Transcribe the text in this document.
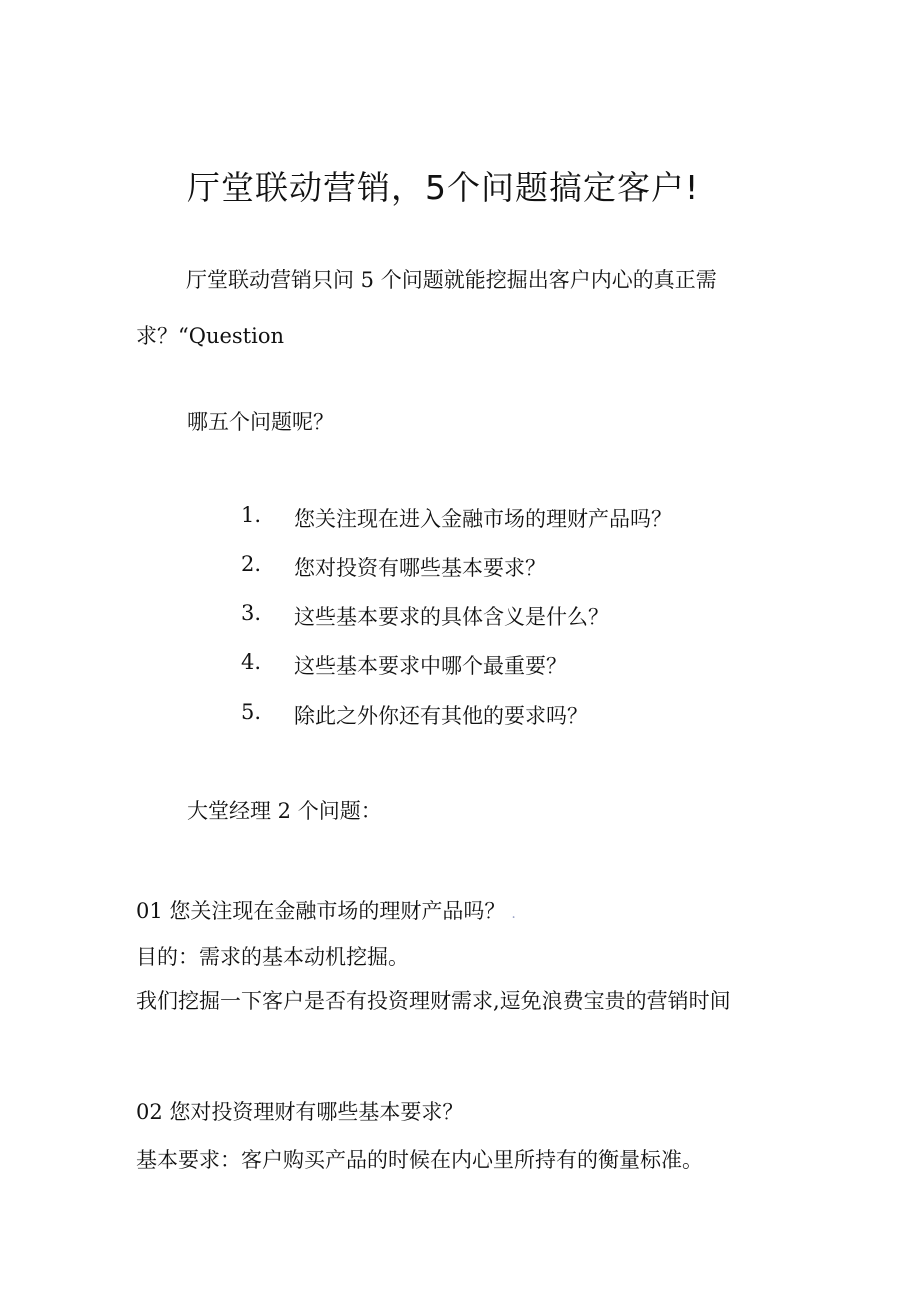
厅堂联动营销，5个问题搞定客户!

厅堂联动营销只问 5 个问题就能挖掘出客户内心的真正需求？“Question

哪五个问题呢？

1. 您关注现在进入金融市场的理财产品吗？
2. 您对投资有哪些基本要求？
3. 这些基本要求的具体含义是什么？
4. 这些基本要求中哪个最重要？
5. 除此之外你还有其他的要求吗？

大堂经理 2 个问题：

01 您关注现在金融市场的理财产品吗？ .

目的：需求的基本动机挖掘。

我们挖掘一下客户是否有投资理财需求,逗免浪费宝贵的营销时间

02 您对投资理财有哪些基本要求？

基本要求：客户购买产品的时候在内心里所持有的衡量标准。
